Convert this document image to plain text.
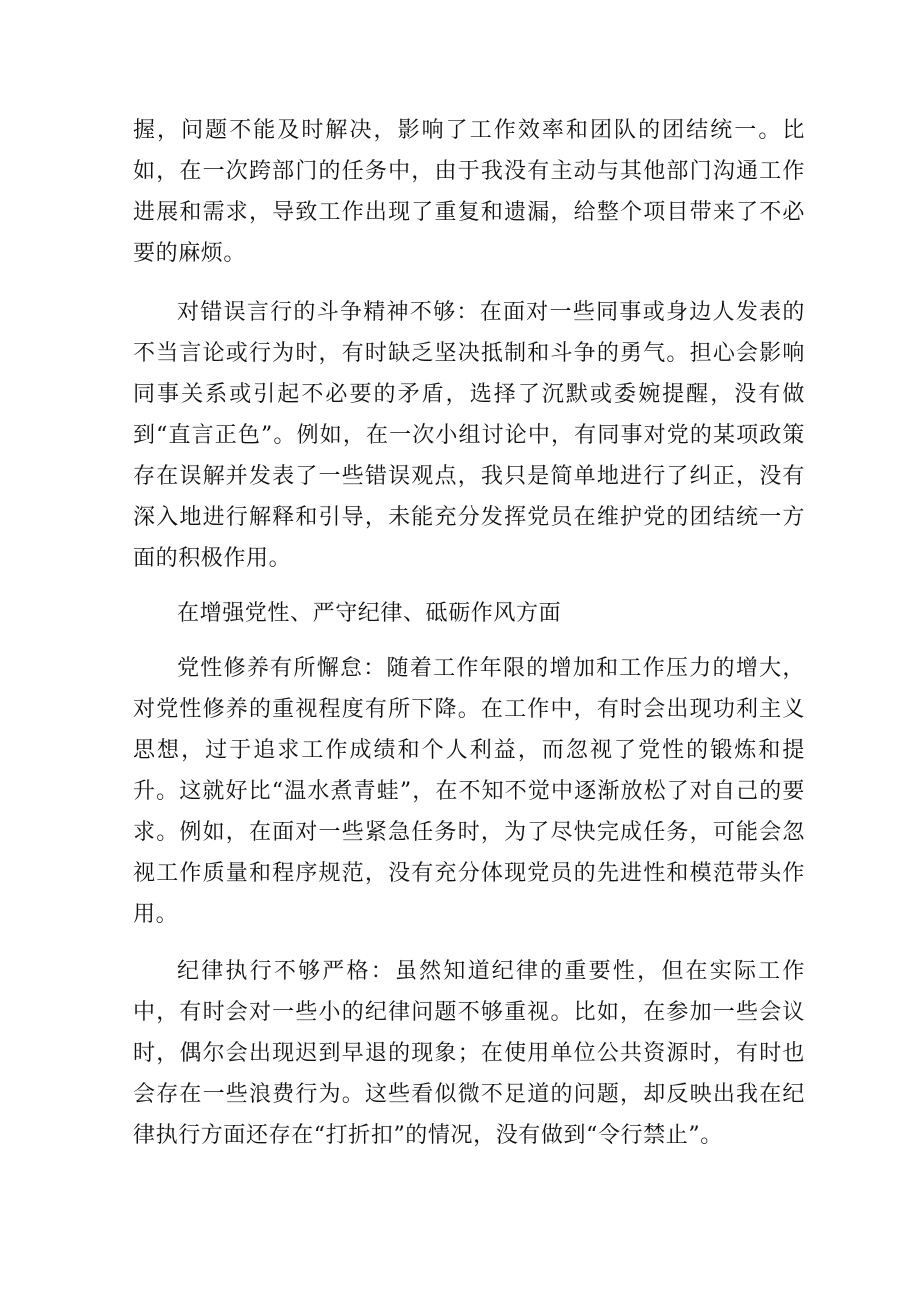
握，问题不能及时解决，影响了工作效率和团队的团结统一。比如，在一次跨部门的任务中，由于我没有主动与其他部门沟通工作进展和需求，导致工作出现了重复和遗漏，给整个项目带来了不必要的麻烦。

对错误言行的斗争精神不够：在面对一些同事或身边人发表的不当言论或行为时，有时缺乏坚决抵制和斗争的勇气。担心会影响同事关系或引起不必要的矛盾，选择了沉默或委婉提醒，没有做到“直言正色”。例如，在一次小组讨论中，有同事对党的某项政策存在误解并发表了一些错误观点，我只是简单地进行了纠正，没有深入地进行解释和引导，未能充分发挥党员在维护党的团结统一方面的积极作用。

在增强党性、严守纪律、砥砺作风方面

党性修养有所懈怠：随着工作年限的增加和工作压力的增大，对党性修养的重视程度有所下降。在工作中，有时会出现功利主义思想，过于追求工作成绩和个人利益，而忽视了党性的锻炼和提升。这就好比“温水煮青蛙”，在不知不觉中逐渐放松了对自己的要求。例如，在面对一些紧急任务时，为了尽快完成任务，可能会忽视工作质量和程序规范，没有充分体现党员的先进性和模范带头作用。

纪律执行不够严格：虽然知道纪律的重要性，但在实际工作中，有时会对一些小的纪律问题不够重视。比如，在参加一些会议时，偶尔会出现迟到早退的现象；在使用单位公共资源时，有时也会存在一些浪费行为。这些看似微不足道的问题，却反映出我在纪律执行方面还存在“打折扣”的情况，没有做到“令行禁止”。
